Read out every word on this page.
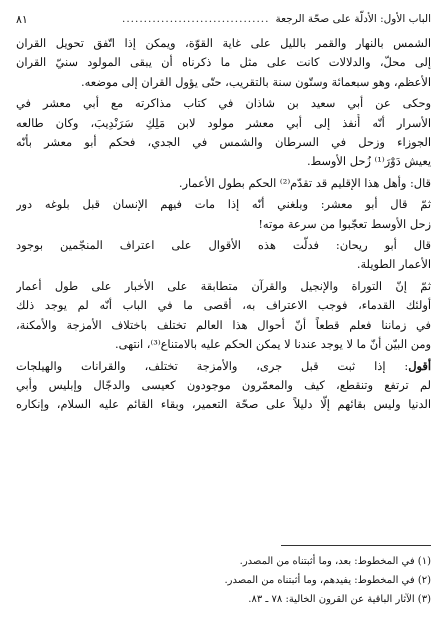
الباب الأول: الأدلّة على صحّة الرجعة
..................................
٨١

الشمس بالنهار والقمر بالليل على غاية القوّة، ويمكن إذا اتّفق تحويل القران
إلى محلّ، والدلالات كانت على مثل ما ذكرناه أن يبقى المولود سنيّ القران
الأعظم، وهو سبعمائة وستّون سنة بالتقريب، حتّى يؤول القران إلى موضعه.

وحكى عن أبي سعيد بن شاذان في كتاب مذاكرته مع أبي معشر في
الأسرار أنّه أُنفذ إلى أبي معشر مولود لابن مَلِكِ سَرَنْدِيبَ، وكان طالعه
الجوزاء وزحل في السرطان والشمس في الجدي، فحكم أبو معشر بأنّه
يعيش دَوْرَ⁽¹⁾ زُحل الأوسط.

قال: وأهل هذا الإقليم قد تقدّم⁽²⁾ الحكم بطول الأعمار.

ثمّ قال أبو معشر: وبلغني أنّه إذا مات فيهم الإنسان قبل بلوغه دور
زحل الأوسط تعجّبوا من سرعة موته!

قال أبو ريحان: فدلّت هذه الأقوال على اعتراف المنجّمين بوجود
الأعمار الطويلة.

ثمّ إنّ التوراة والإنجيل والقرآن متطابقة على الأخبار على طول أعمار
أولئك القدماء، فوجب الاعتراف به، أقصى ما في الباب أنّه لم يوجد ذلك
في زماننا فعلم قطعاً أنّ أحوال هذا العالم تختلف باختلاف الأمزجة والأمكنة،
ومن البيّن أنّ ما لا يوجد عندنا لا يمكن الحكم عليه بالامتناع⁽³⁾، انتهى.

أقول: إذا ثبت قبل جرى، والأمزجة تختلف، والقرانات والهيلجات
لم ترتفع وتنقطع، كيف والمعمّرون موجودون كعيسى والدجّال وإبليس وأبي
الدنيا وليس بقائهم إلّا دليلاً على صحّة التعمير، وبقاء القائم عليه السلام، وإنكاره

(١) في المخطوط: بعد، وما أثبتناه من المصدر.
(٢) في المخطوط: يفيدهم، وما أثبتناه من المصدر.
(٣) الآثار الباقية عن القرون الخالية: ٧٨ ـ ٨٣.
